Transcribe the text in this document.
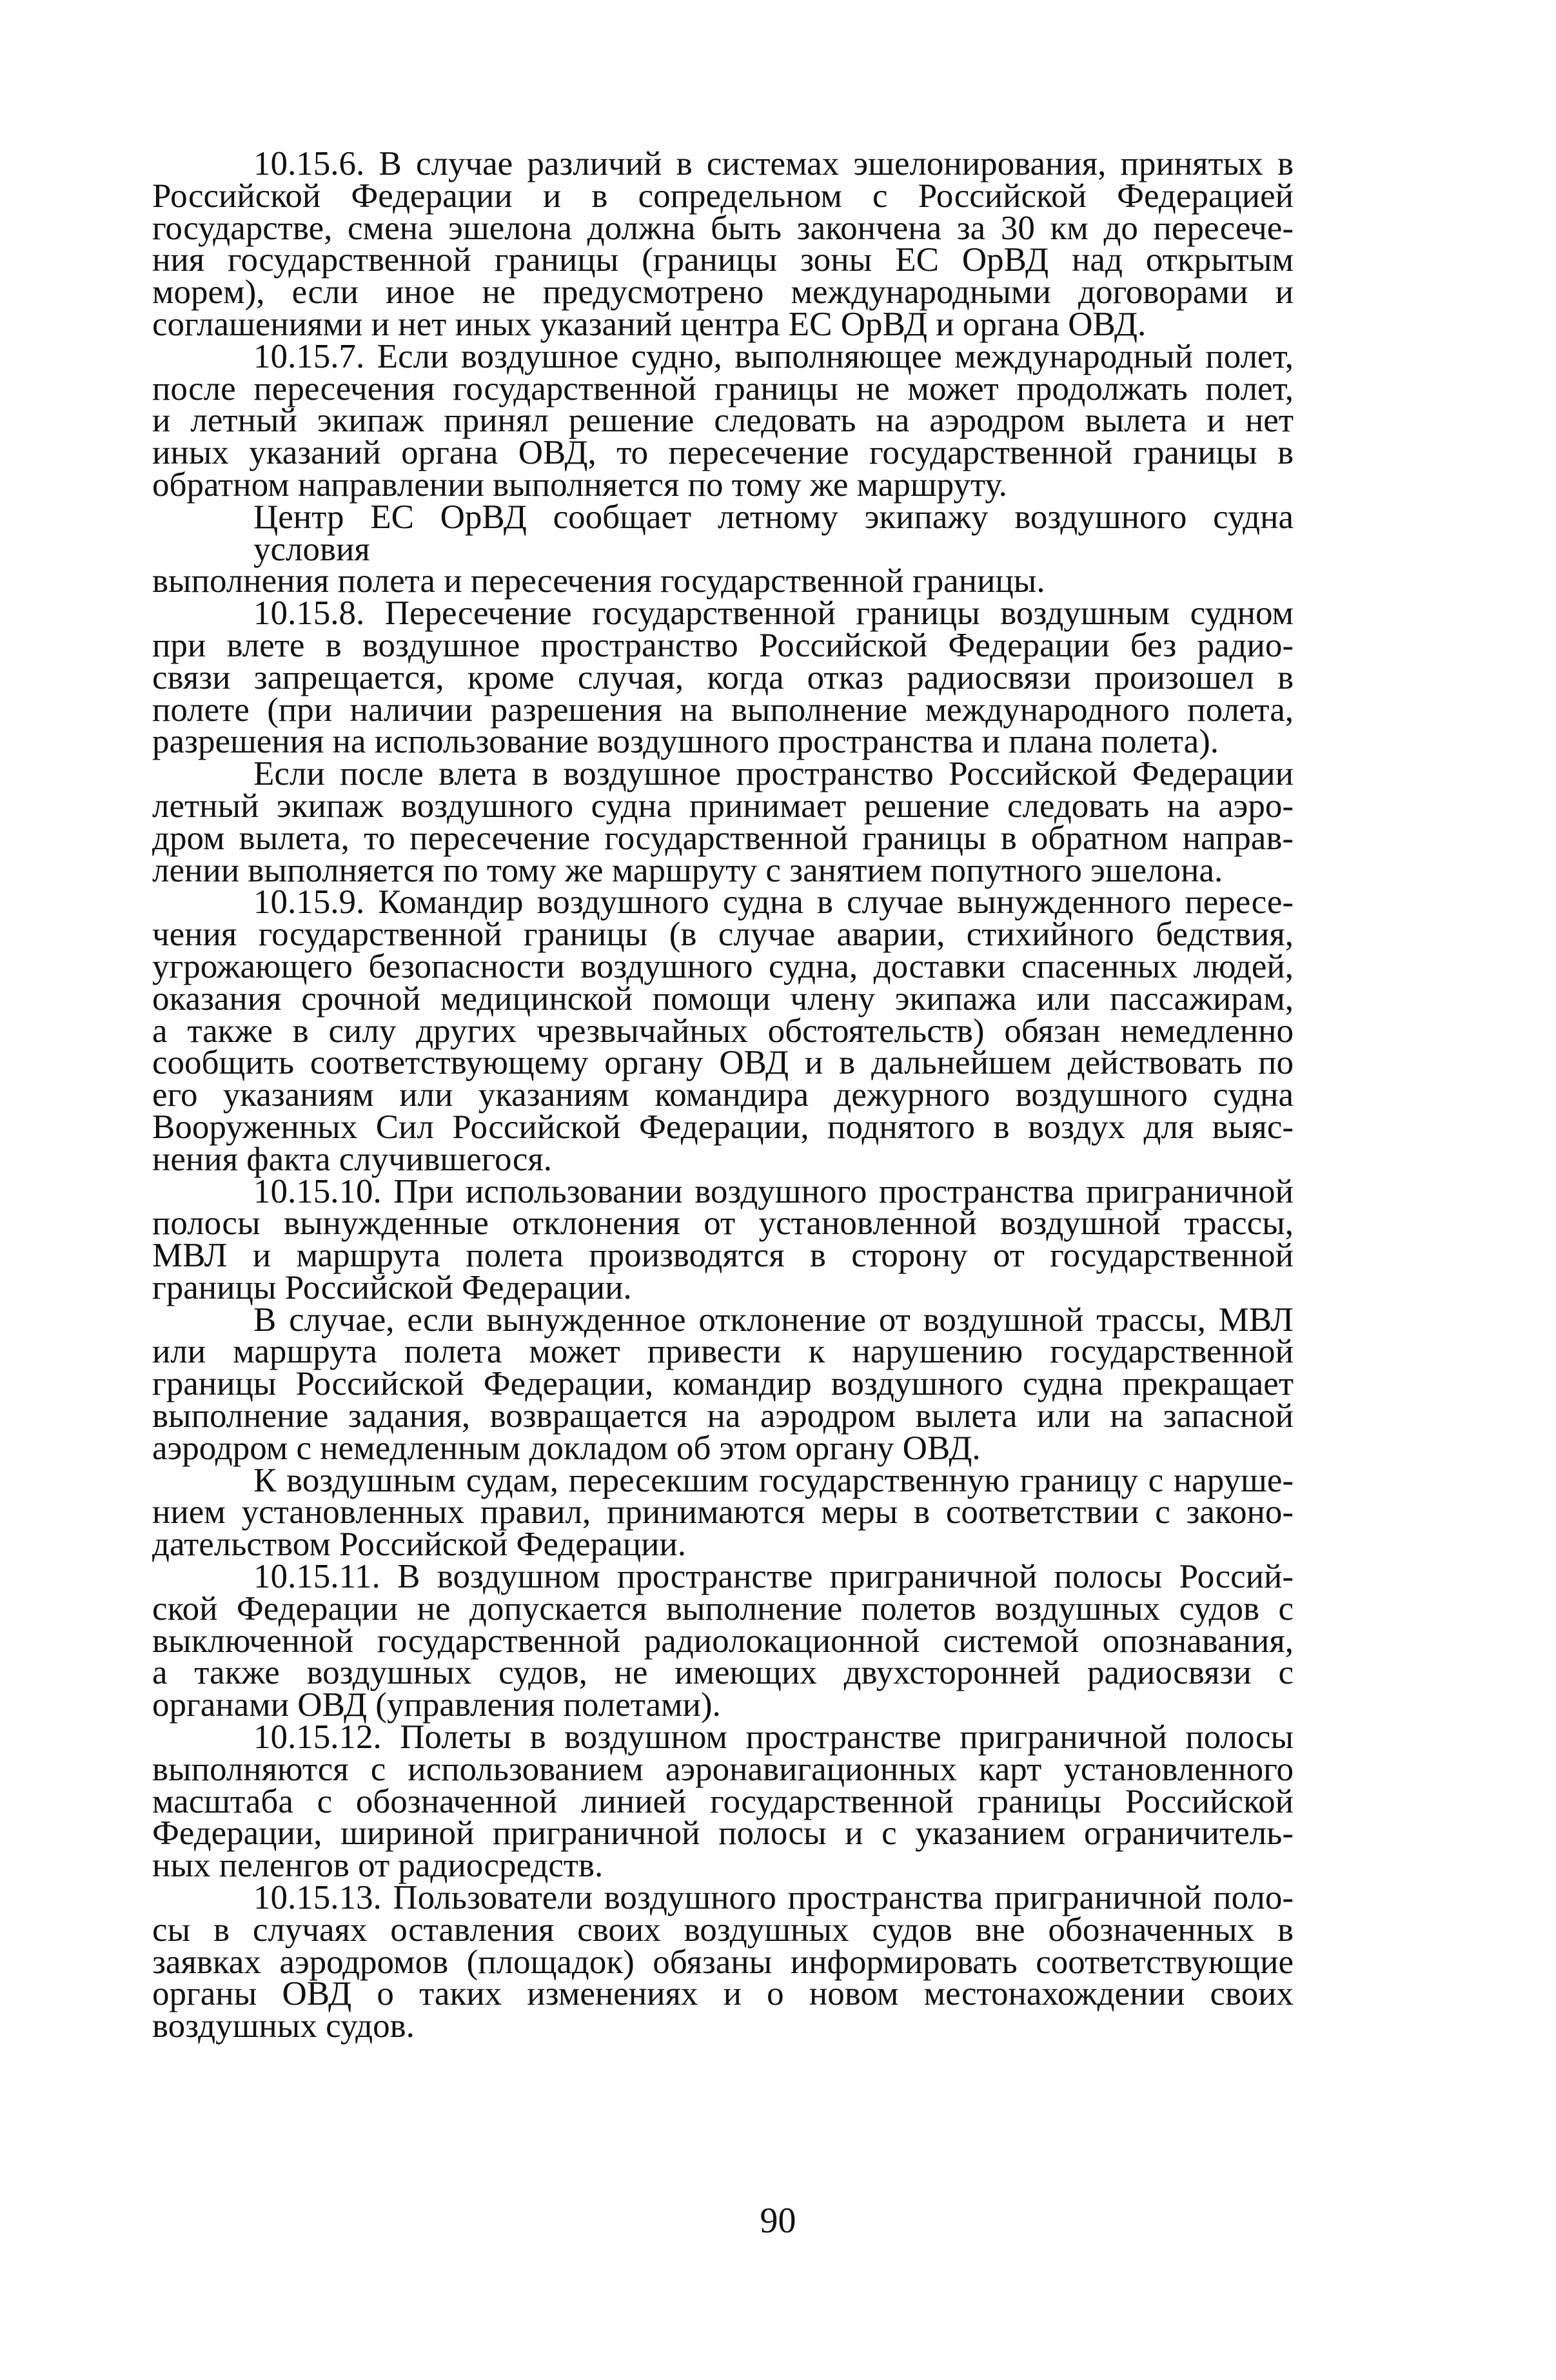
10.15.6. В случае различий в системах эшелонирования, принятых в
Российской Федерации и в сопредельном с Российской Федерацией
государстве, смена эшелона должна быть закончена за 30 км до пересече-
ния государственной границы (границы зоны ЕС ОрВД над открытым
морем), если иное не предусмотрено международными договорами и
соглашениями и нет иных указаний центра ЕС ОрВД и органа ОВД.
10.15.7. Если воздушное судно, выполняющее международный полет,
после пересечения государственной границы не может продолжать полет,
и летный экипаж принял решение следовать на аэродром вылета и нет
иных указаний органа ОВД, то пересечение государственной границы в
обратном направлении выполняется по тому же маршруту.
Центр ЕС ОрВД сообщает летному экипажу воздушного судна условия
выполнения полета и пересечения государственной границы.
10.15.8. Пересечение государственной границы воздушным судном
при влете в воздушное пространство Российской Федерации без радио-
связи запрещается, кроме случая, когда отказ радиосвязи произошел в
полете (при наличии разрешения на выполнение международного полета,
разрешения на использование воздушного пространства и плана полета).
Если после влета в воздушное пространство Российской Федерации
летный экипаж воздушного судна принимает решение следовать на аэро-
дром вылета, то пересечение государственной границы в обратном направ-
лении выполняется по тому же маршруту с занятием попутного эшелона.
10.15.9. Командир воздушного судна в случае вынужденного пересе-
чения государственной границы (в случае аварии, стихийного бедствия,
угрожающего безопасности воздушного судна, доставки спасенных людей,
оказания срочной медицинской помощи члену экипажа или пассажирам,
а также в силу других чрезвычайных обстоятельств) обязан немедленно
сообщить соответствующему органу ОВД и в дальнейшем действовать по
его указаниям или указаниям командира дежурного воздушного судна
Вооруженных Сил Российской Федерации, поднятого в воздух для выяс-
нения факта случившегося.
10.15.10. При использовании воздушного пространства приграничной
полосы вынужденные отклонения от установленной воздушной трассы,
МВЛ и маршрута полета производятся в сторону от государственной
границы Российской Федерации.
В случае, если вынужденное отклонение от воздушной трассы, МВЛ
или маршрута полета может привести к нарушению государственной
границы Российской Федерации, командир воздушного судна прекращает
выполнение задания, возвращается на аэродром вылета или на запасной
аэродром с немедленным докладом об этом органу ОВД.
К воздушным судам, пересекшим государственную границу с наруше-
нием установленных правил, принимаются меры в соответствии с законо-
дательством Российской Федерации.
10.15.11. В воздушном пространстве приграничной полосы Россий-
ской Федерации не допускается выполнение полетов воздушных судов с
выключенной государственной радиолокационной системой опознавания,
а также воздушных судов, не имеющих двухсторонней радиосвязи с
органами ОВД (управления полетами).
10.15.12. Полеты в воздушном пространстве приграничной полосы
выполняются с использованием аэронавигационных карт установленного
масштаба с обозначенной линией государственной границы Российской
Федерации, шириной приграничной полосы и с указанием ограничитель-
ных пеленгов от радиосредств.
10.15.13. Пользователи воздушного пространства приграничной поло-
сы в случаях оставления своих воздушных судов вне обозначенных в
заявках аэродромов (площадок) обязаны информировать соответствующие
органы ОВД о таких изменениях и о новом местонахождении своих
воздушных судов.
90
